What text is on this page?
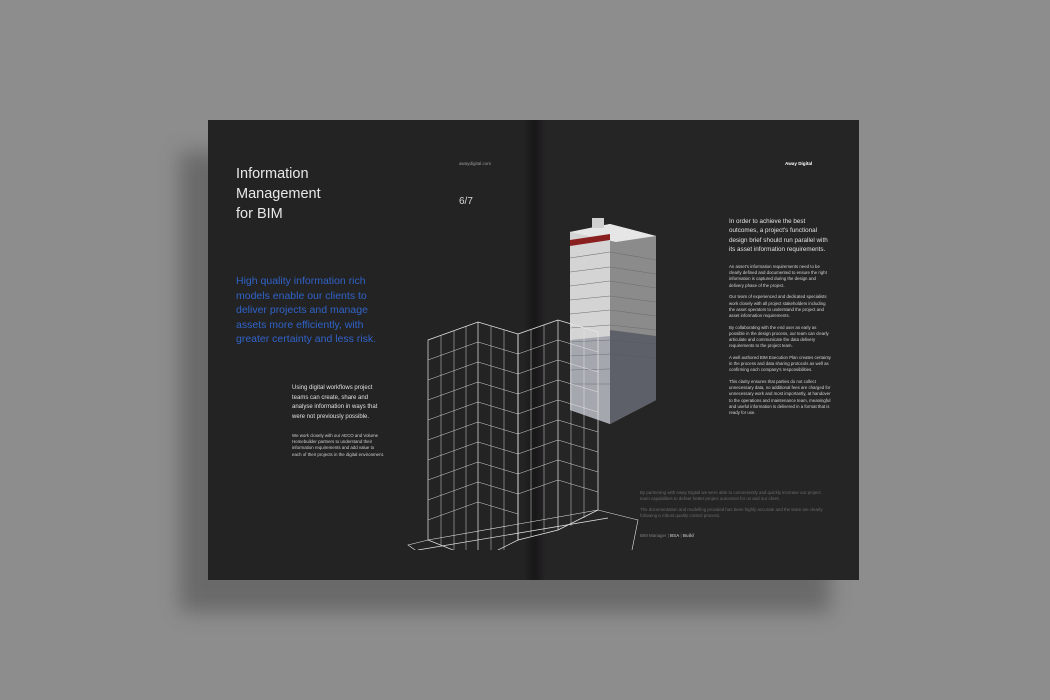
Information
Management
for BIM
awaydigital.com
6/7
High quality information rich models enable our clients to deliver projects and manage assets more efficiently, with greater certainty and less risk.
Using digital workflows project teams can create, share and analyse information in ways that were not previously possible.
We work closely with our AECO and Volume Homebuilder partners to understand their information requirements and add value to each of their projects in the digital environment.
Away Digital
In order to achieve the best outcomes, a project's functional design brief should run parallel with its asset information requirements.

An asset's information requirements need to be clearly defined and documented to ensure the right information is captured during the design and delivery phase of the project.

Our team of experienced and dedicated specialists work closely with all project stakeholders including the asset operators to understand the project and asset information requirements.

By collaborating with the end user as early as possible in the design process, our team can clearly articulate and communicate the data delivery requirements to the project team.

A well authored BIM Execution Plan creates certainty in the process and data sharing protocols as well as confirming each company's responsibilities.

This clarity ensures that parties do not collect unnecessary data, no additional fees are charged for unnecessary work and most importantly, at handover to the operations and maintenance team, meaningful and useful information is delivered in a format that is ready for use.

By partnering with Away Digital we were able to conveniently and quickly increase our project team capabilities to deliver better project outcomes for us and our client.

The documentation and modelling provided has been highly accurate and the team are clearly following a robust quality control process.

BIM Manager | BSA | Build
